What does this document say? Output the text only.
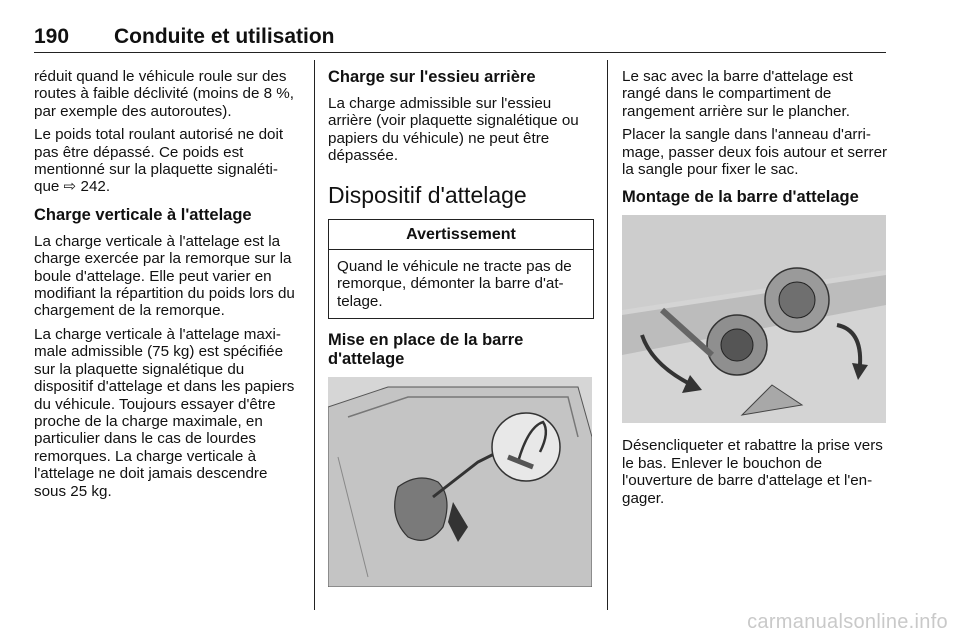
190 Conduite et utilisation

réduit quand le véhicule roule sur des routes à faible déclivité (moins de 8 %, par exemple des autoroutes).

Le poids total roulant autorisé ne doit pas être dépassé. Ce poids est mentionné sur la plaquette signaléti-que ⇨ 242.

Charge verticale à l'attelage

La charge verticale à l'attelage est la charge exercée par la remorque sur la boule d'attelage. Elle peut varier en modifiant la répartition du poids lors du chargement de la remorque.

La charge verticale à l'attelage maxi-male admissible (75 kg) est spécifiée sur la plaquette signalétique du dispositif d'attelage et dans les papiers du véhicule. Toujours essayer d'être proche de la charge maximale, en particulier dans le cas de lourdes remorques. La charge verticale à l'attelage ne doit jamais descendre sous 25 kg.

Charge sur l'essieu arrière

La charge admissible sur l'essieu arrière (voir plaquette signalétique ou papiers du véhicule) ne peut être dépassée.

Dispositif d'attelage
Avertissement
Quand le véhicule ne tracte pas de remorque, démonter la barre d'at-telage.
Mise en place de la barre d'attelage

Le sac avec la barre d'attelage est rangé dans le compartiment de rangement arrière sur le plancher.

Placer la sangle dans l'anneau d'arri-mage, passer deux fois autour et serrer la sangle pour fixer le sac.

Montage de la barre d'attelage

Désencliqueter et rabattre la prise vers le bas. Enlever le bouchon de l'ouverture de barre d'attelage et l'en-gager.

carmanualsonline.info
